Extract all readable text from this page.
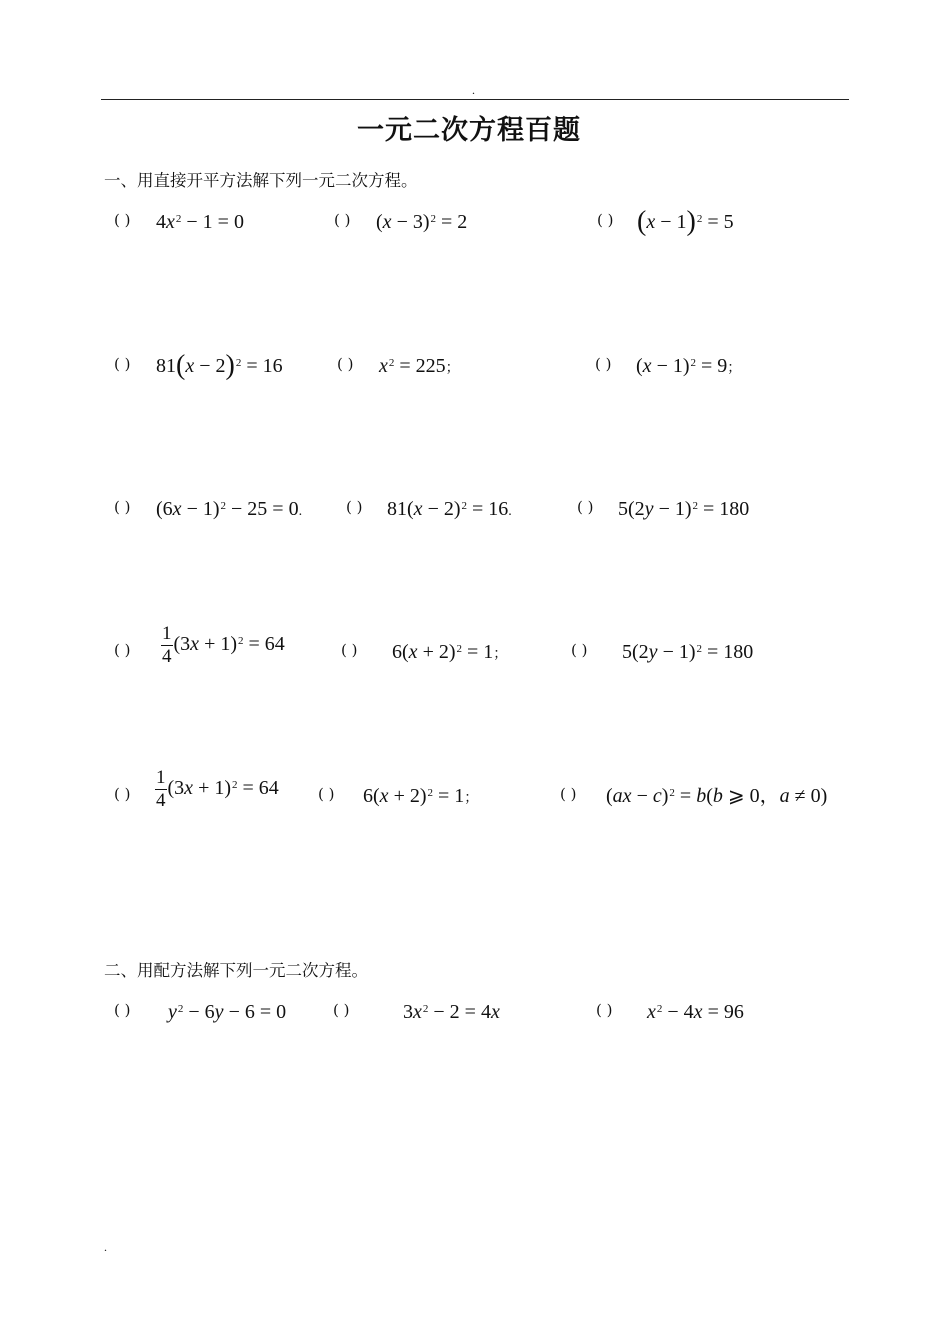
.
一元二次方程百题
一、用直接开平方法解下列一元二次方程。
( ) $4x^2 - 1 = 0$	( ) $(x - 3)^2 = 2$	( ) $(x - 1)^2 = 5$
( ) $81(x - 2)^2 = 16$	( ) $x^2 = 225$；	( ) $(x - 1)^2 = 9$；
( ) $(6x - 1)^2 - 25 = 0$.	( ) $81(x - 2)^2 = 16$.	( ) $5(2y - 1)^2 = 180$
( ) $\frac{1}{4} (3x + 1)^2 = 64$	( ) $6(x + 2)^2 = 1$；	( ) $5(2y - 1)^2 = 180$
( ) $\frac{1}{4} (3x + 1)^2 = 64$	( ) $6(x + 2)^2 = 1$；	( ) (ax − c)$^2$ = b(b ⩾ 0，a ≠ 0)
二、用配方法解下列一元二次方程。
( ) $y^2 - 6y - 6 = 0$	( )	$3x^2 - 2 = 4x$	( ) $x^2 - 4x = 96$
.
